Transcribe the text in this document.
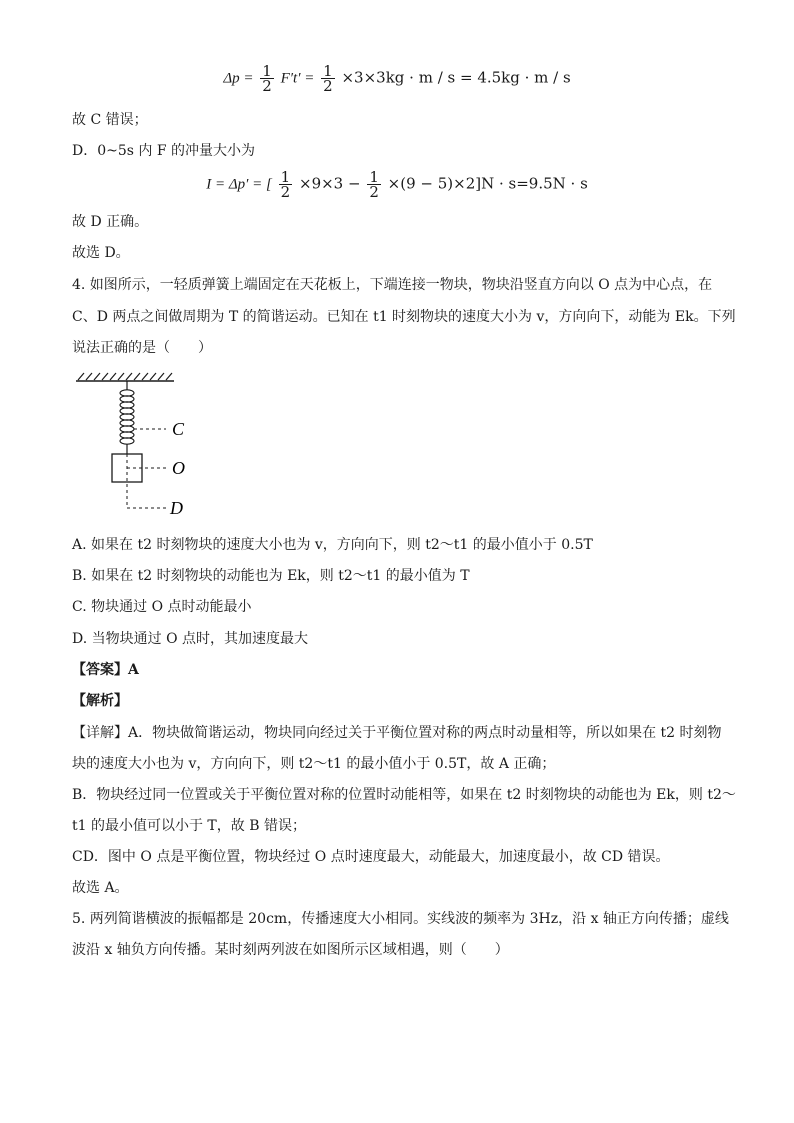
$\Delta p = \frac{1}{2} F't' = \frac{1}{2} \times 3\times 3kg \cdot m / s = 4.5kg \cdot m / s$
故 C 错误；
D．0~5s 内 F 的冲量大小为
I = Δp′ = [ $\frac{1}{2} \times 9\times 3 - \frac{1}{2} \times(9 - 5)\times 2]N \cdot s=9.5N \cdot s$
故 D 正确。
故选 D。
4. 如图所示，一轻质弹簧上端固定在天花板上，下端连接一物块，物块沿竖直方向以 O 点为中心点，在
C、D 两点之间做周期为 T 的简谐运动。已知在 t1 时刻物块的速度大小为 v，方向向下，动能为 Ek。下列
说法正确的是（　　）
C
O
D
A. 如果在 t2 时刻物块的速度大小也为 v，方向向下，则 t2～t1 的最小值小于 0.5T
B. 如果在 t2 时刻物块的动能也为 Ek，则 t2～t1 的最小值为 T
C. 物块通过 O 点时动能最小
D. 当物块通过 O 点时，其加速度最大
【答案】A
【解析】
【详解】A．物块做简谐运动，物块同向经过关于平衡位置对称的两点时动量相等，所以如果在 t2 时刻物
块的速度大小也为 v，方向向下，则 t2～t1 的最小值小于 0.5T，故 A 正确；
B．物块经过同一位置或关于平衡位置对称的位置时动能相等，如果在 t2 时刻物块的动能也为 Ek，则 t2～
t1 的最小值可以小于 T，故 B 错误；
CD．图中 O 点是平衡位置，物块经过 O 点时速度最大，动能最大，加速度最小，故 CD 错误。
故选 A。
5. 两列简谐横波的振幅都是 20cm，传播速度大小相同。实线波的频率为 3Hz，沿 x 轴正方向传播；虚线
波沿 x 轴负方向传播。某时刻两列波在如图所示区域相遇，则（　　）
